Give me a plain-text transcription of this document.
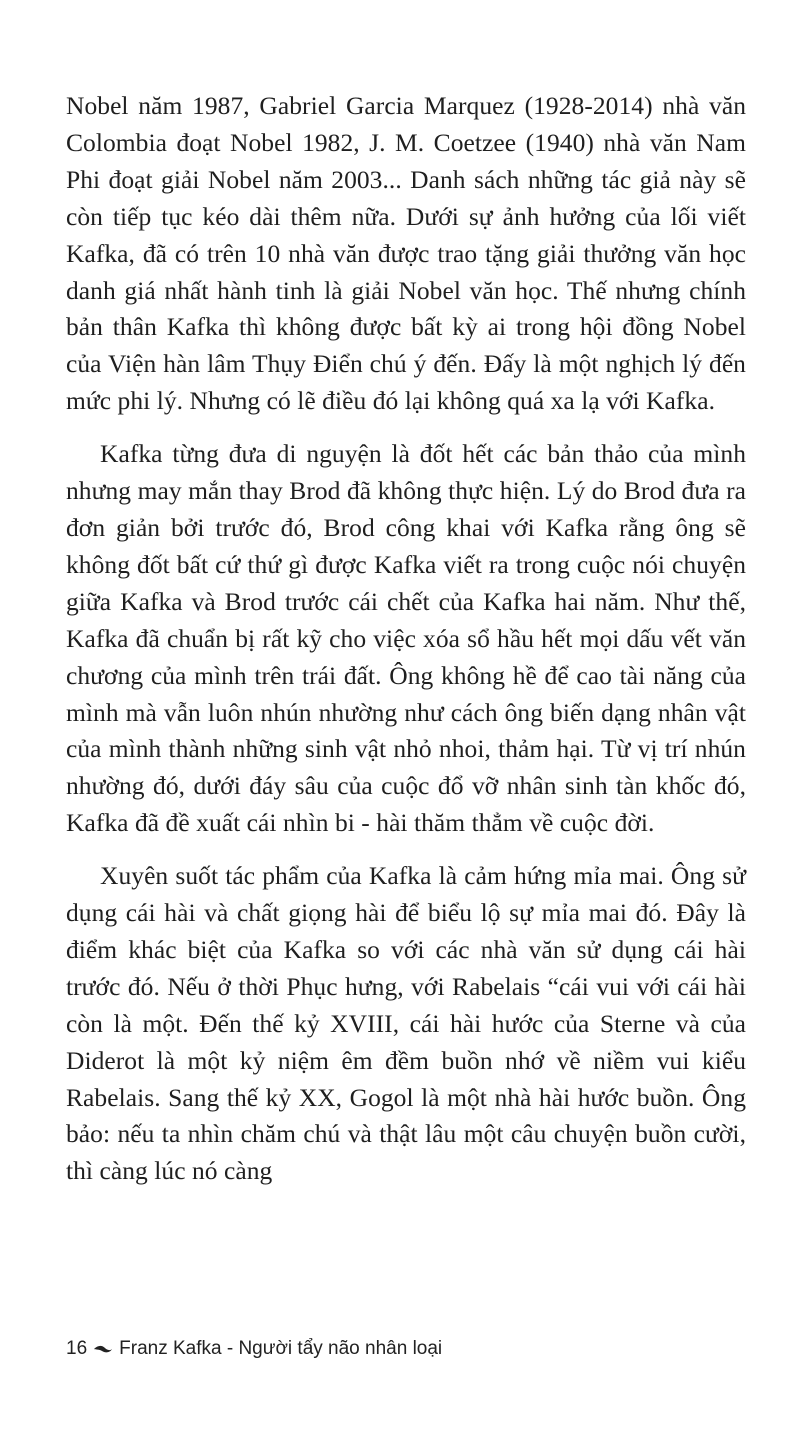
Nobel năm 1987, Gabriel Garcia Marquez (1928-2014) nhà văn Colombia đoạt Nobel 1982, J. M. Coetzee (1940) nhà văn Nam Phi đoạt giải Nobel năm 2003... Danh sách những tác giả này sẽ còn tiếp tục kéo dài thêm nữa. Dưới sự ảnh hưởng của lối viết Kafka, đã có trên 10 nhà văn được trao tặng giải thưởng văn học danh giá nhất hành tinh là giải Nobel văn học. Thế nhưng chính bản thân Kafka thì không được bất kỳ ai trong hội đồng Nobel của Viện hàn lâm Thụy Điển chú ý đến. Đấy là một nghịch lý đến mức phi lý. Nhưng có lẽ điều đó lại không quá xa lạ với Kafka.

Kafka từng đưa di nguyện là đốt hết các bản thảo của mình nhưng may mắn thay Brod đã không thực hiện. Lý do Brod đưa ra đơn giản bởi trước đó, Brod công khai với Kafka rằng ông sẽ không đốt bất cứ thứ gì được Kafka viết ra trong cuộc nói chuyện giữa Kafka và Brod trước cái chết của Kafka hai năm. Như thế, Kafka đã chuẩn bị rất kỹ cho việc xóa sổ hầu hết mọi dấu vết văn chương của mình trên trái đất. Ông không hề để cao tài năng của mình mà vẫn luôn nhún nhường như cách ông biến dạng nhân vật của mình thành những sinh vật nhỏ nhoi, thảm hại. Từ vị trí nhún nhường đó, dưới đáy sâu của cuộc đổ vỡ nhân sinh tàn khốc đó, Kafka đã đề xuất cái nhìn bi - hài thăm thẳm về cuộc đời.

Xuyên suốt tác phẩm của Kafka là cảm hứng mỉa mai. Ông sử dụng cái hài và chất giọng hài để biểu lộ sự mỉa mai đó. Đây là điểm khác biệt của Kafka so với các nhà văn sử dụng cái hài trước đó. Nếu ở thời Phục hưng, với Rabelais “cái vui với cái hài còn là một. Đến thế kỷ XVIII, cái hài hước của Sterne và của Diderot là một kỷ niệm êm đềm buồn nhớ về niềm vui kiểu Rabelais. Sang thế kỷ XX, Gogol là một nhà hài hước buồn. Ông bảo: nếu ta nhìn chăm chú và thật lâu một câu chuyện buồn cười, thì càng lúc nó càng

16 Franz Kafka - Người tẩy não nhân loại
